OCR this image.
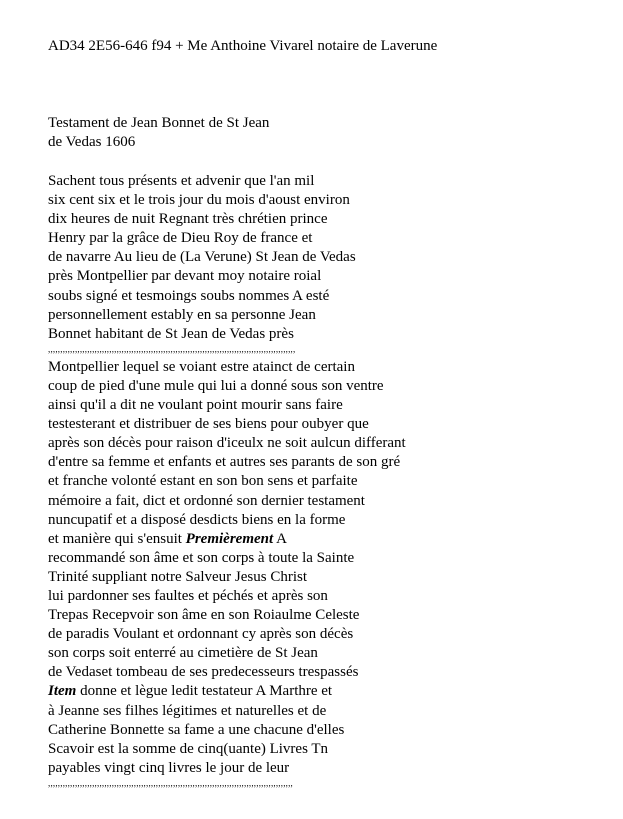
AD34 2E56-646 f94 + Me Anthoine Vivarel notaire de Laverune
Testament de Jean Bonnet de St Jean
de Vedas 1606
Sachent tous présents et advenir que l'an mil
six cent six et le trois jour du mois d'aoust environ
dix heures de nuit Regnant très chrétien prince
Henry par la grâce de Dieu Roy de france et
de navarre Au lieu de (La Verune) St Jean de Vedas
près Montpellier par devant moy notaire roial
soubs signé et tesmoings soubs nommes A esté
personnellement estably en sa personne Jean
Bonnet habitant de St Jean de Vedas près
,,,,,,,,,,,,,,,,,,,,,,,,,,,,,,,,,,,,,,,,,,,,,,,,,,,,,,,,,,,,,,,,,,,,,,,,,,,,,,,,,,,,,,,,,,,,,,,,,,,,,
Montpellier lequel se voiant estre atainct de certain
coup de pied d'une mule qui lui a donné sous son ventre
ainsi qu'il a dit ne voulant point mourir sans faire
testesterant et distribuer de ses biens pour oubyer que
après son décès pour raison d'iceulx ne soit aulcun differant
d'entre sa femme et enfants et autres ses parants de son gré
et franche volonté estant en son bon sens et parfaite
mémoire a fait, dict et ordonné son dernier testament
nuncupatif et a disposé desdicts biens en la forme
et manière qui s'ensuit Premièrement A
recommandé son âme et son corps à toute la Sainte
Trinité suppliant notre Salveur Jesus Christ
lui pardonner ses faultes et péchés et après son
Trepas Recepvoir son âme en son Roiaulme Celeste
de paradis Voulant et ordonnant cy après son décès
son corps soit enterré au cimetière de St Jean
de Vedaset tombeau de ses predecesseurs trespassés
Item donne et lègue ledit testateur A Marthre et
à Jeanne ses filhes légitimes et naturelles et de
Catherine Bonnette sa fame a une chacune d'elles
Scavoir est la somme de cinq(uante) Livres Tn
payables vingt cinq livres le jour de leur
,,,,,,,,,,,,,,,,,,,,,,,,,,,,,,,,,,,,,,,,,,,,,,,,,,,,,,,,,,,,,,,,,,,,,,,,,,,,,,,,,,,,,,,,,,,,,,,,,,,,
